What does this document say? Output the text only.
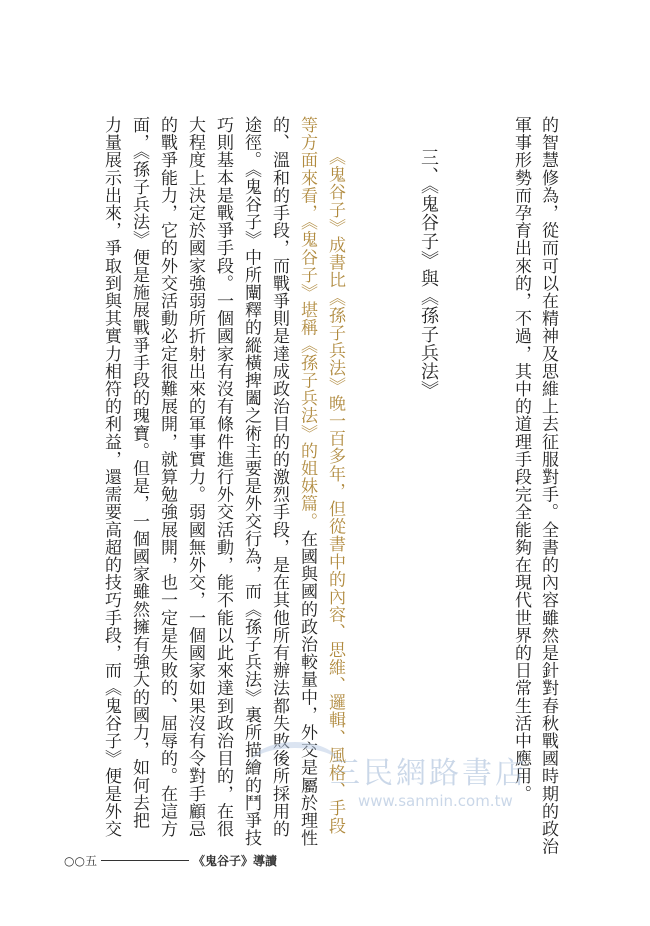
的智慧修為，從而可以在精神及思維上去征服對手。全書的內容雖然是針對春秋戰國時期的政治
軍事形勢而孕育出來的，不過，其中的道理手段完全能夠在現代世界的日常生活中應用。
三、《鬼谷子》與《孫子兵法》
《鬼谷子》成書比《孫子兵法》晚一百多年，但從書中的內容、思維、邏輯、風格、手段
等方面來看，《鬼谷子》堪稱《孫子兵法》的姐妹篇。在國與國的政治較量中，外交是屬於理性
的、溫和的手段，而戰爭則是達成政治目的的激烈手段，是在其他所有辦法都失敗後所採用的
途徑。《鬼谷子》中所闡釋的縱橫捭闔之術主要是外交行為，而《孫子兵法》裏所描繪的鬥爭技
巧則基本是戰爭手段。一個國家有沒有條件進行外交活動，能不能以此來達到政治目的，在很
大程度上決定於國家強弱所折射出來的軍事實力。弱國無外交，一個國家如果沒有令對手顧忌
的戰爭能力，它的外交活動必定很難展開，就算勉強展開，也一定是失敗的、屈辱的。在這方
面，《孫子兵法》便是施展戰爭手段的瑰寶。但是，一個國家雖然擁有強大的國力，如何去把
力量展示出來，爭取到與其實力相符的利益，還需要高超的技巧手段，而《鬼谷子》便是外交	三民網路書店
www.sanmin.com.tw
○○五	《鬼谷子》導讀
